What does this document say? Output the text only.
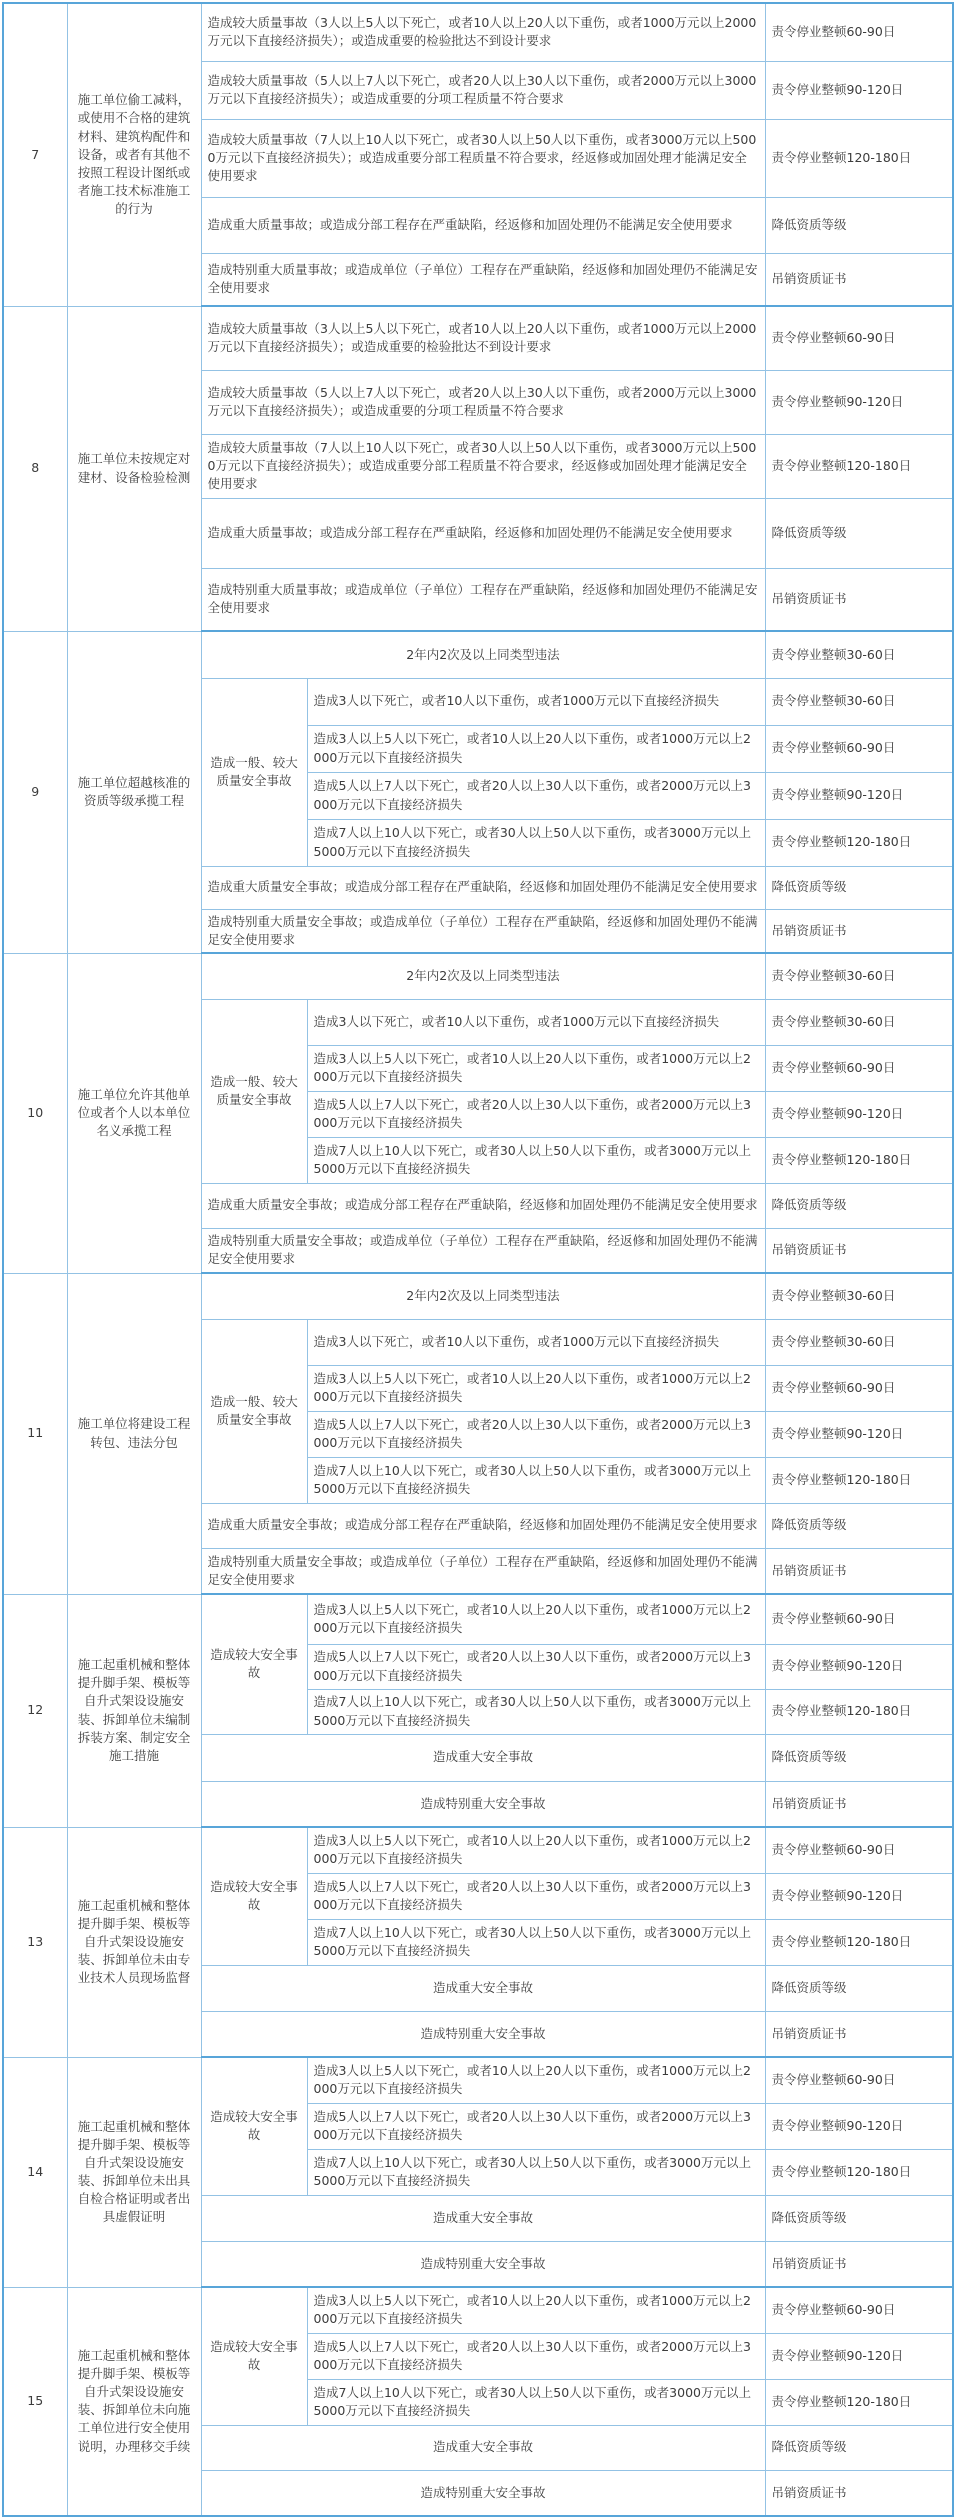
7	施工单位偷工减料，或使用不合格的建筑材料、建筑构配件和设备，或者有其他不按照工程设计图纸或者施工技术标准施工的行为	造成较大质量事故（3人以上5人以下死亡，或者10人以上20人以下重伤，或者1000万元以上2000万元以下直接经济损失）；或造成重要的检验批达不到设计要求		责令停业整顿60-90日
		造成较大质量事故（5人以上7人以下死亡，或者20人以上30人以下重伤，或者2000万元以上3000万元以下直接经济损失）；或造成重要的分项工程质量不符合要求		责令停业整顿90-120日
		造成较大质量事故（7人以上10人以下死亡，或者30人以上50人以下重伤，或者3000万元以上5000万元以下直接经济损失）；或造成重要分部工程质量不符合要求，经返修或加固处理才能满足安全使用要求		责令停业整顿120-180日
		造成重大质量事故；或造成分部工程存在严重缺陷，经返修和加固处理仍不能满足安全使用要求		降低资质等级
		造成特别重大质量事故；或造成单位（子单位）工程存在严重缺陷，经返修和加固处理仍不能满足安全使用要求		吊销资质证书
8	施工单位未按规定对建材、设备检验检测	造成较大质量事故（3人以上5人以下死亡，或者10人以上20人以下重伤，或者1000万元以上2000万元以下直接经济损失）；或造成重要的检验批达不到设计要求		责令停业整顿60-90日
		造成较大质量事故（5人以上7人以下死亡，或者20人以上30人以下重伤，或者2000万元以上3000万元以下直接经济损失）；或造成重要的分项工程质量不符合要求		责令停业整顿90-120日
		造成较大质量事故（7人以上10人以下死亡，或者30人以上50人以下重伤，或者3000万元以上5000万元以下直接经济损失）；或造成重要分部工程质量不符合要求，经返修或加固处理才能满足安全使用要求		责令停业整顿120-180日
		造成重大质量事故；或造成分部工程存在严重缺陷，经返修和加固处理仍不能满足安全使用要求		降低资质等级
		造成特别重大质量事故；或造成单位（子单位）工程存在严重缺陷，经返修和加固处理仍不能满足安全使用要求		吊销资质证书
9	施工单位超越核准的资质等级承揽工程	2年内2次及以上同类型违法		责令停业整顿30-60日
		造成一般、较大质量安全事故	造成3人以下死亡，或者10人以下重伤，或者1000万元以下直接经济损失	责令停业整顿30-60日
			造成3人以上5人以下死亡，或者10人以上20人以下重伤，或者1000万元以上2000万元以下直接经济损失	责令停业整顿60-90日
			造成5人以上7人以下死亡，或者20人以上30人以下重伤，或者2000万元以上3000万元以下直接经济损失	责令停业整顿90-120日
			造成7人以上10人以下死亡，或者30人以上50人以下重伤，或者3000万元以上5000万元以下直接经济损失	责令停业整顿120-180日
		造成重大质量安全事故；或造成分部工程存在严重缺陷，经返修和加固处理仍不能满足安全使用要求		降低资质等级
		造成特别重大质量安全事故；或造成单位（子单位）工程存在严重缺陷，经返修和加固处理仍不能满足安全使用要求		吊销资质证书
10	施工单位允许其他单位或者个人以本单位名义承揽工程	2年内2次及以上同类型违法		责令停业整顿30-60日
		造成一般、较大质量安全事故	造成3人以下死亡，或者10人以下重伤，或者1000万元以下直接经济损失	责令停业整顿30-60日
			造成3人以上5人以下死亡，或者10人以上20人以下重伤，或者1000万元以上2000万元以下直接经济损失	责令停业整顿60-90日
			造成5人以上7人以下死亡，或者20人以上30人以下重伤，或者2000万元以上3000万元以下直接经济损失	责令停业整顿90-120日
			造成7人以上10人以下死亡，或者30人以上50人以下重伤，或者3000万元以上5000万元以下直接经济损失	责令停业整顿120-180日
		造成重大质量安全事故；或造成分部工程存在严重缺陷，经返修和加固处理仍不能满足安全使用要求		降低资质等级
		造成特别重大质量安全事故；或造成单位（子单位）工程存在严重缺陷，经返修和加固处理仍不能满足安全使用要求		吊销资质证书
11	施工单位将建设工程转包、违法分包	2年内2次及以上同类型违法		责令停业整顿30-60日
		造成一般、较大质量安全事故	造成3人以下死亡，或者10人以下重伤，或者1000万元以下直接经济损失	责令停业整顿30-60日
			造成3人以上5人以下死亡，或者10人以上20人以下重伤，或者1000万元以上2000万元以下直接经济损失	责令停业整顿60-90日
			造成5人以上7人以下死亡，或者20人以上30人以下重伤，或者2000万元以上3000万元以下直接经济损失	责令停业整顿90-120日
			造成7人以上10人以下死亡，或者30人以上50人以下重伤，或者3000万元以上5000万元以下直接经济损失	责令停业整顿120-180日
		造成重大质量安全事故；或造成分部工程存在严重缺陷，经返修和加固处理仍不能满足安全使用要求		降低资质等级
		造成特别重大质量安全事故；或造成单位（子单位）工程存在严重缺陷，经返修和加固处理仍不能满足安全使用要求		吊销资质证书
12	施工起重机械和整体提升脚手架、模板等自升式架设设施安装、拆卸单位未编制拆装方案、制定安全施工措施	造成较大安全事故	造成3人以上5人以下死亡，或者10人以上20人以下重伤，或者1000万元以上2000万元以下直接经济损失	责令停业整顿60-90日
			造成5人以上7人以下死亡，或者20人以上30人以下重伤，或者2000万元以上3000万元以下直接经济损失	责令停业整顿90-120日
			造成7人以上10人以下死亡，或者30人以上50人以下重伤，或者3000万元以上5000万元以下直接经济损失	责令停业整顿120-180日
		造成重大安全事故		降低资质等级
		造成特别重大安全事故		吊销资质证书
13	施工起重机械和整体提升脚手架、模板等自升式架设设施安装、拆卸单位未由专业技术人员现场监督	造成较大安全事故	造成3人以上5人以下死亡，或者10人以上20人以下重伤，或者1000万元以上2000万元以下直接经济损失	责令停业整顿60-90日
			造成5人以上7人以下死亡，或者20人以上30人以下重伤，或者2000万元以上3000万元以下直接经济损失	责令停业整顿90-120日
			造成7人以上10人以下死亡，或者30人以上50人以下重伤，或者3000万元以上5000万元以下直接经济损失	责令停业整顿120-180日
		造成重大安全事故		降低资质等级
		造成特别重大安全事故		吊销资质证书
14	施工起重机械和整体提升脚手架、模板等自升式架设设施安装、拆卸单位未出具自检合格证明或者出具虚假证明	造成较大安全事故	造成3人以上5人以下死亡，或者10人以上20人以下重伤，或者1000万元以上2000万元以下直接经济损失	责令停业整顿60-90日
			造成5人以上7人以下死亡，或者20人以上30人以下重伤，或者2000万元以上3000万元以下直接经济损失	责令停业整顿90-120日
			造成7人以上10人以下死亡，或者30人以上50人以下重伤，或者3000万元以上5000万元以下直接经济损失	责令停业整顿120-180日
		造成重大安全事故		降低资质等级
		造成特别重大安全事故		吊销资质证书
15	施工起重机械和整体提升脚手架、模板等自升式架设设施安装、拆卸单位未向施工单位进行安全使用说明，办理移交手续	造成较大安全事故	造成3人以上5人以下死亡，或者10人以上20人以下重伤，或者1000万元以上2000万元以下直接经济损失	责令停业整顿60-90日
			造成5人以上7人以下死亡，或者20人以上30人以下重伤，或者2000万元以上3000万元以下直接经济损失	责令停业整顿90-120日
			造成7人以上10人以下死亡，或者30人以上50人以下重伤，或者3000万元以上5000万元以下直接经济损失	责令停业整顿120-180日
		造成重大安全事故		降低资质等级
		造成特别重大安全事故		吊销资质证书
